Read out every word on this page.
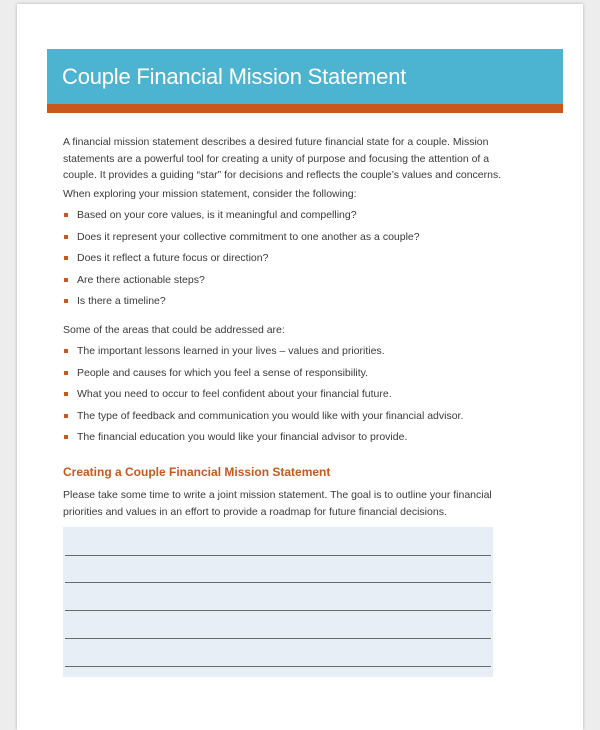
Couple Financial Mission Statement

A financial mission statement describes a desired future financial state for a couple. Mission statements are a powerful tool for creating a unity of purpose and focusing the attention of a couple. It provides a guiding “star” for decisions and reflects the couple’s values and concerns.

When exploring your mission statement, consider the following:

Based on your core values, is it meaningful and compelling?
Does it represent your collective commitment to one another as a couple?
Does it reflect a future focus or direction?
Are there actionable steps?
Is there a timeline?

Some of the areas that could be addressed are:

The important lessons learned in your lives – values and priorities.
People and causes for which you feel a sense of responsibility.
What you need to occur to feel confident about your financial future.
The type of feedback and communication you would like with your financial advisor.
The financial education you would like your financial advisor to provide.
Creating a Couple Financial Mission Statement

Please take some time to write a joint mission statement. The goal is to outline your financial priorities and values in an effort to provide a roadmap for future financial decisions.
